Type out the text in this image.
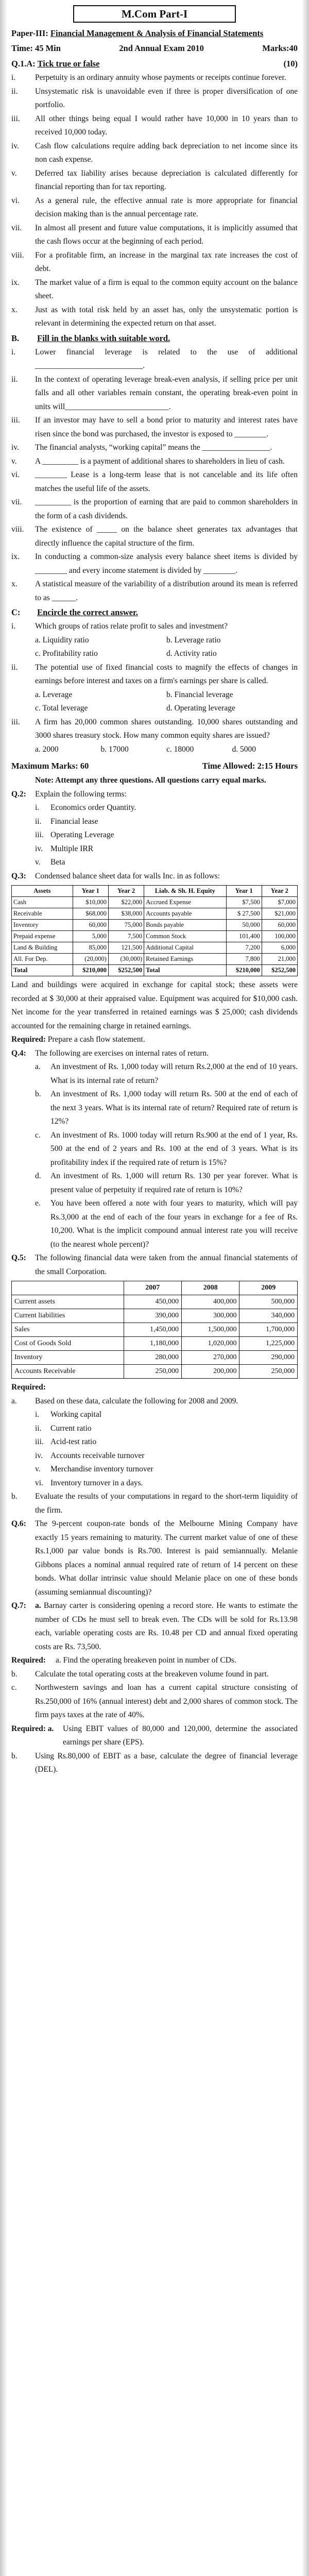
M.Com Part-I
Paper-III: Financial Management & Analysis of Financial Statements
Time: 45 Min	2nd Annual Exam 2010	Marks:40
Q.1.A: Tick true or false	(10)
i.	Perpetuity is an ordinary annuity whose payments or receipts continue forever.
ii.	Unsystematic risk is unavoidable even if three is proper diversification of one portfolio.
iii.	All other things being equal I would rather have 10,000 in 10 years than to received 10,000 today.
iv.	Cash flow calculations require adding back depreciation to net income since its non cash expense.
v.	Deferred tax liability arises because depreciation is calculated differently for financial reporting than for tax reporting.
vi.	As a general rule, the effective annual rate is more appropriate for financial decision making than is the annual percentage rate.
vii.	In almost all present and future value computations, it is implicitly assumed that the cash flows occur at the beginning of each period.
viii.	For a profitable firm, an increase in the marginal tax rate increases the cost of debt.
ix.	The market value of a firm is equal to the common equity account on the balance sheet.
x.	Just as with total risk held by an asset has, only the unsystematic portion is relevant in determining the expected return on that asset.
B. Fill in the blanks with suitable word.
i.	Lower financial leverage is related to the use of additional ___________________________.
ii.	In the context of operating leverage break-even analysis, if selling price per unit falls and all other variables remain constant, the operating break-even point in units will__________________________.
iii.	If an investor may have to sell a bond prior to maturity and interest rates have risen since the bond was purchased, the investor is exposed to ________.
iv.	The financial analysts, “working capital” means the _________________.
v.	A _________ is a payment of additional shares to shareholders in lieu of cash.
vi.	________ Lease is a long-term lease that is not cancelable and its life often matches the useful life of the assets.
vii.	_________ is the proportion of earning that are paid to common shareholders in the form of a cash dividends.
viii.	The existence of _____ on the balance sheet generates tax advantages that directly influence the capital structure of the firm.
ix.	In conducting a common-size analysis every balance sheet items is divided by ________ and every income statement is divided by ________.
x.	A statistical measure of the variability of a distribution around its mean is referred to as ______.
C: Encircle the correct answer.
i.	Which groups of ratios relate profit to sales and investment?
a. Liquidity ratio	b. Leverage ratio
c. Profitability ratio	d. Activity ratio
ii.	The potential use of fixed financial costs to magnify the effects of changes in earnings before interest and taxes on a firm's earnings per share is called.
a. Leverage	b. Financial leverage
c. Total leverage	d. Operating leverage
iii.	A firm has 20,000 common shares outstanding. 10,000 shares outstanding and 3000 shares treasury stock. How many common equity shares are issued?
a. 2000	b. 17000	c. 18000	d. 5000
Maximum Marks: 60	Time Allowed: 2:15 Hours
Note: Attempt any three questions. All questions carry equal marks.
Q.2:	Explain the following terms:
i.	Economics order Quantity.
ii.	Financial lease
iii. Operating Leverage
iv. Multiple IRR
v.	Beta
Q.3:	Condensed balance sheet data for walls Inc. in as follows:
Assets	Year 1	Year 2	Liab. & Sh. H. Equity	Year 1	Year 2
Cash	$10,000	$22,000	Accrued Expense	$7,500	$7,000
Receivable	$68,000	$38,000	Accounts payable	$ 27,500	$21,000
Inventory	60,000	75,000	Bonds payable	50,000	60,000
Prepaid expense	5,000	7,500	Common Stock	101,400	100,000
Land & Building	85,000	121,500	Additional Capital	7,200	6,000
All. For Dep.	(20,000)	(30,000)	Retained Earnings	7,800	21,000
Total	$210,000	$252,500	Total	$210,000	$252,500
Land and buildings were acquired in exchange for capital stock; these assets were recorded at $ 30,000 at their appraised value. Equipment was acquired for $10,000 cash. Net income for the year transferred in retained earnings was $ 25,000; cash dividends accounted for the remaining charge in retained earnings.
Required: Prepare a cash flow statement.
Q.4:	The following are exercises on internal rates of return.
a.	An investment of Rs. 1,000 today will return Rs.2,000 at the end of 10 years. What is its internal rate of return?
b.	An investment of Rs. 1,000 today will return Rs. 500 at the end of each of the next 3 years. What is its internal rate of return? Required rate of return is 12%?
c.	An investment of Rs. 1000 today will return Rs.900 at the end of 1 year, Rs. 500 at the end of 2 years and Rs. 100 at the end of 3 years. What is its profitability index if the required rate of return is 15%?
d.	An investment of Rs. 1,000 will return Rs. 130 per year forever. What is present value of perpetuity if required rate of return is 10%?
e.	You have been offered a note with four years to maturity, which will pay Rs.3,000 at the end of each of the four years in exchange for a fee of Rs. 10,200. What is the implicit compound annual interest rate you will receive (to the nearest whole percent)?
Q.5:	The following financial data were taken from the annual financial statements of the small Corporation.
	2007	2008	2009
Current assets	450,000	400,000	500,000
Current liabilities	390,000	300,000	340,000
Sales	1,450,000	1,500,000	1,700,000
Cost of Goods Sold	1,180,000	1,020,000	1,225,000
Inventory	280,000	270,000	290,000
Accounts Receivable	250,000	200,000	250,000
Required:
a.	Based on these data, calculate the following for 2008 and 2009.
i.	Working capital
ii.	Current ratio
iii. Acid-test ratio
iv. Accounts receivable turnover
v.	Merchandise inventory turnover
vi. Inventory turnover in a days.
b.	Evaluate the results of your computations in regard to the short-term liquidity of the firm.
Q.6:	The 9-percent coupon-rate bonds of the Melbourne Mining Company have exactly 15 years remaining to maturity. The current market value of one of these Rs.1,000 par value bonds is Rs.700. Interest is paid semiannually. Melanie Gibbons places a nominal annual required rate of return of 14 percent on these bonds. What dollar intrinsic value should Melanie place on one of these bonds (assuming semiannual discounting)?
Q.7:	a. Barnay carter is considering opening a record store. He wants to estimate the number of CDs he must sell to break even. The CDs will be sold for Rs.13.98 each, variable operating costs are Rs. 10.48 per CD and annual fixed operating costs are Rs. 73,500.
Required:	a. Find the operating breakeven point in number of CDs.
b.	Calculate the total operating costs at the breakeven volume found in part.
c.	Northwestern savings and loan has a current capital structure consisting of Rs.250,000 of 16% (annual interest) debt and 2,000 shares of common stock. The firm pays taxes at the rate of 40%.
Required: a.	Using EBIT values of 80,000 and 120,000, determine the associated earnings per share (EPS).
b.	Using Rs.80,000 of EBIT as a base, calculate the degree of financial leverage (DEL).
